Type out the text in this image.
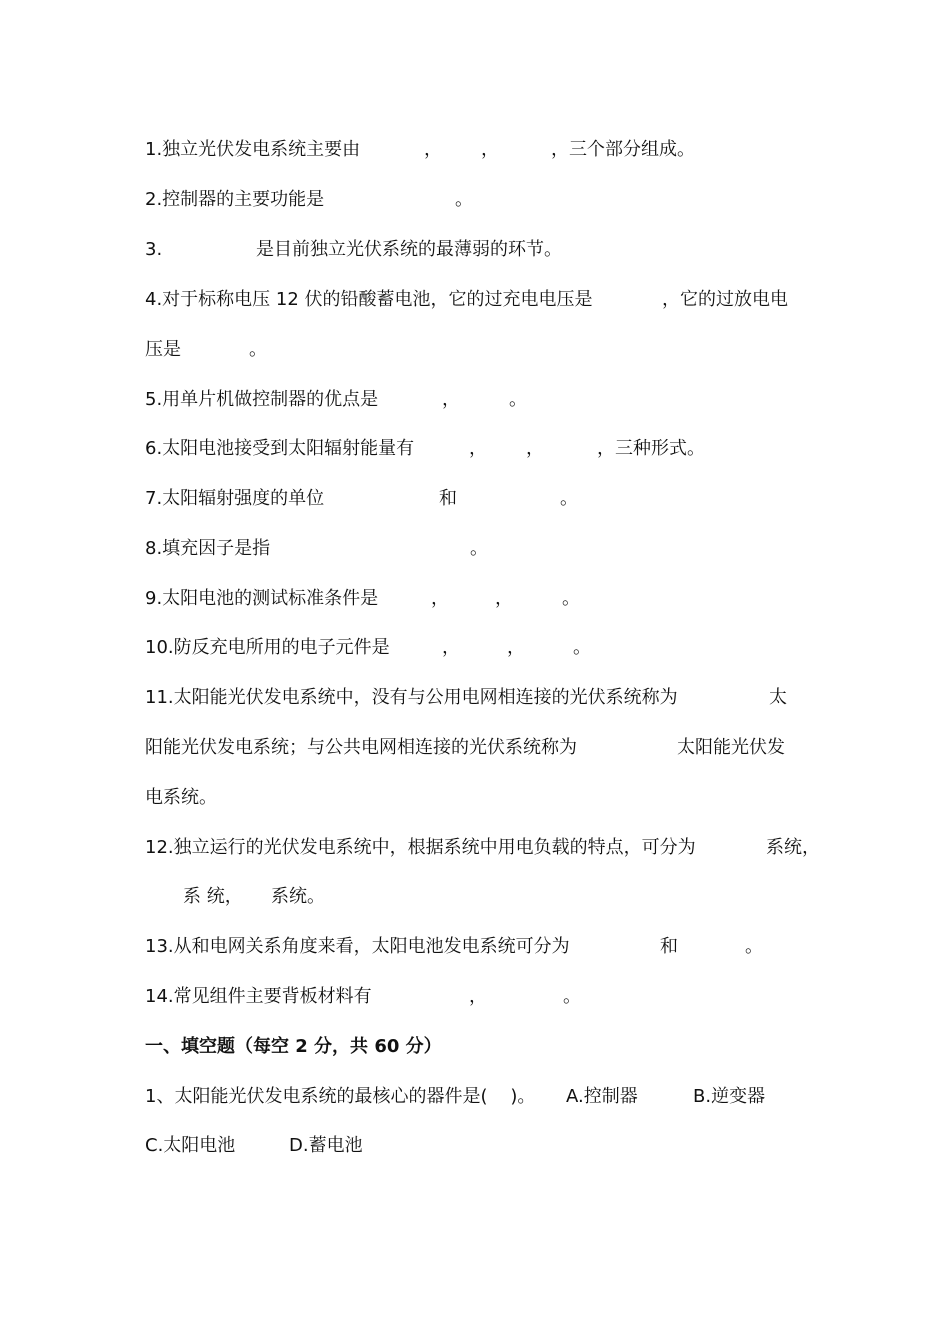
1.独立光伏发电系统主要由	， ，	，三个部分组成。
2.控制器的主要功能是	。
3.	是目前独立光伏系统的最薄弱的环节。
4.对于标称电压 12 伏的铅酸蓄电池，它的过充电电压是	，它的过放电电
压是	。
5.用单片机做控制器的优点是	，	。
6.太阳电池接受到太阳辐射能量有	， ，	，三种形式。
7.太阳辐射强度的单位	和	。
8.填充因子是指	。
9.太阳电池的测试标准条件是	，	，	。
10.防反充电所用的电子元件是	，	，	。
11.太阳能光伏发电系统中，没有与公用电网相连接的光伏系统称为	太
阳能光伏发电系统；与公共电网相连接的光伏系统称为	太阳能光伏发
电系统。
12.独立运行的光伏发电系统中，根据系统中用电负载的特点，可分为	系统，
系 统， 系统。
13.从和电网关系角度来看，太阳电池发电系统可分为	和	。
14.常见组件主要背板材料有	，	。
一、填空题（每空 2 分，共 60 分）
1、太阳能光伏发电系统的最核心的器件是(    )。 A.控制器	B.逆变器
C.太阳电池	D.蓄电池
